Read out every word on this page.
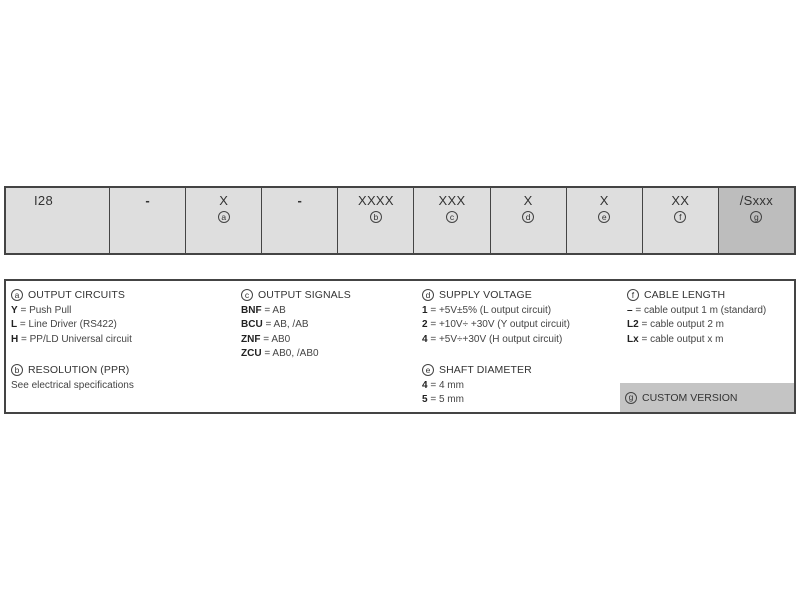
I28	-	X
a
-	XXXX
b
XXX
c
X
d
X
e
XX
f
/Sxxx
g
a OUTPUT CIRCUITS
Y = Push Pull
L = Line Driver (RS422)
H = PP/LD Universal circuit
b RESOLUTION (PPR)
See electrical specifications
c OUTPUT SIGNALS
BNF = AB
BCU = AB, /AB
ZNF = AB0
ZCU = AB0, /AB0
d SUPPLY VOLTAGE
1 = +5V±5% (L output circuit)
2 = +10V÷ +30V (Y output circuit)
4 = +5V÷+30V (H output circuit)
e SHAFT DIAMETER
4 = 4 mm
5 = 5 mm
f CABLE LENGTH
– = cable output 1 m (standard)
L2 = cable output 2 m
Lx = cable output x m
g CUSTOM VERSION
